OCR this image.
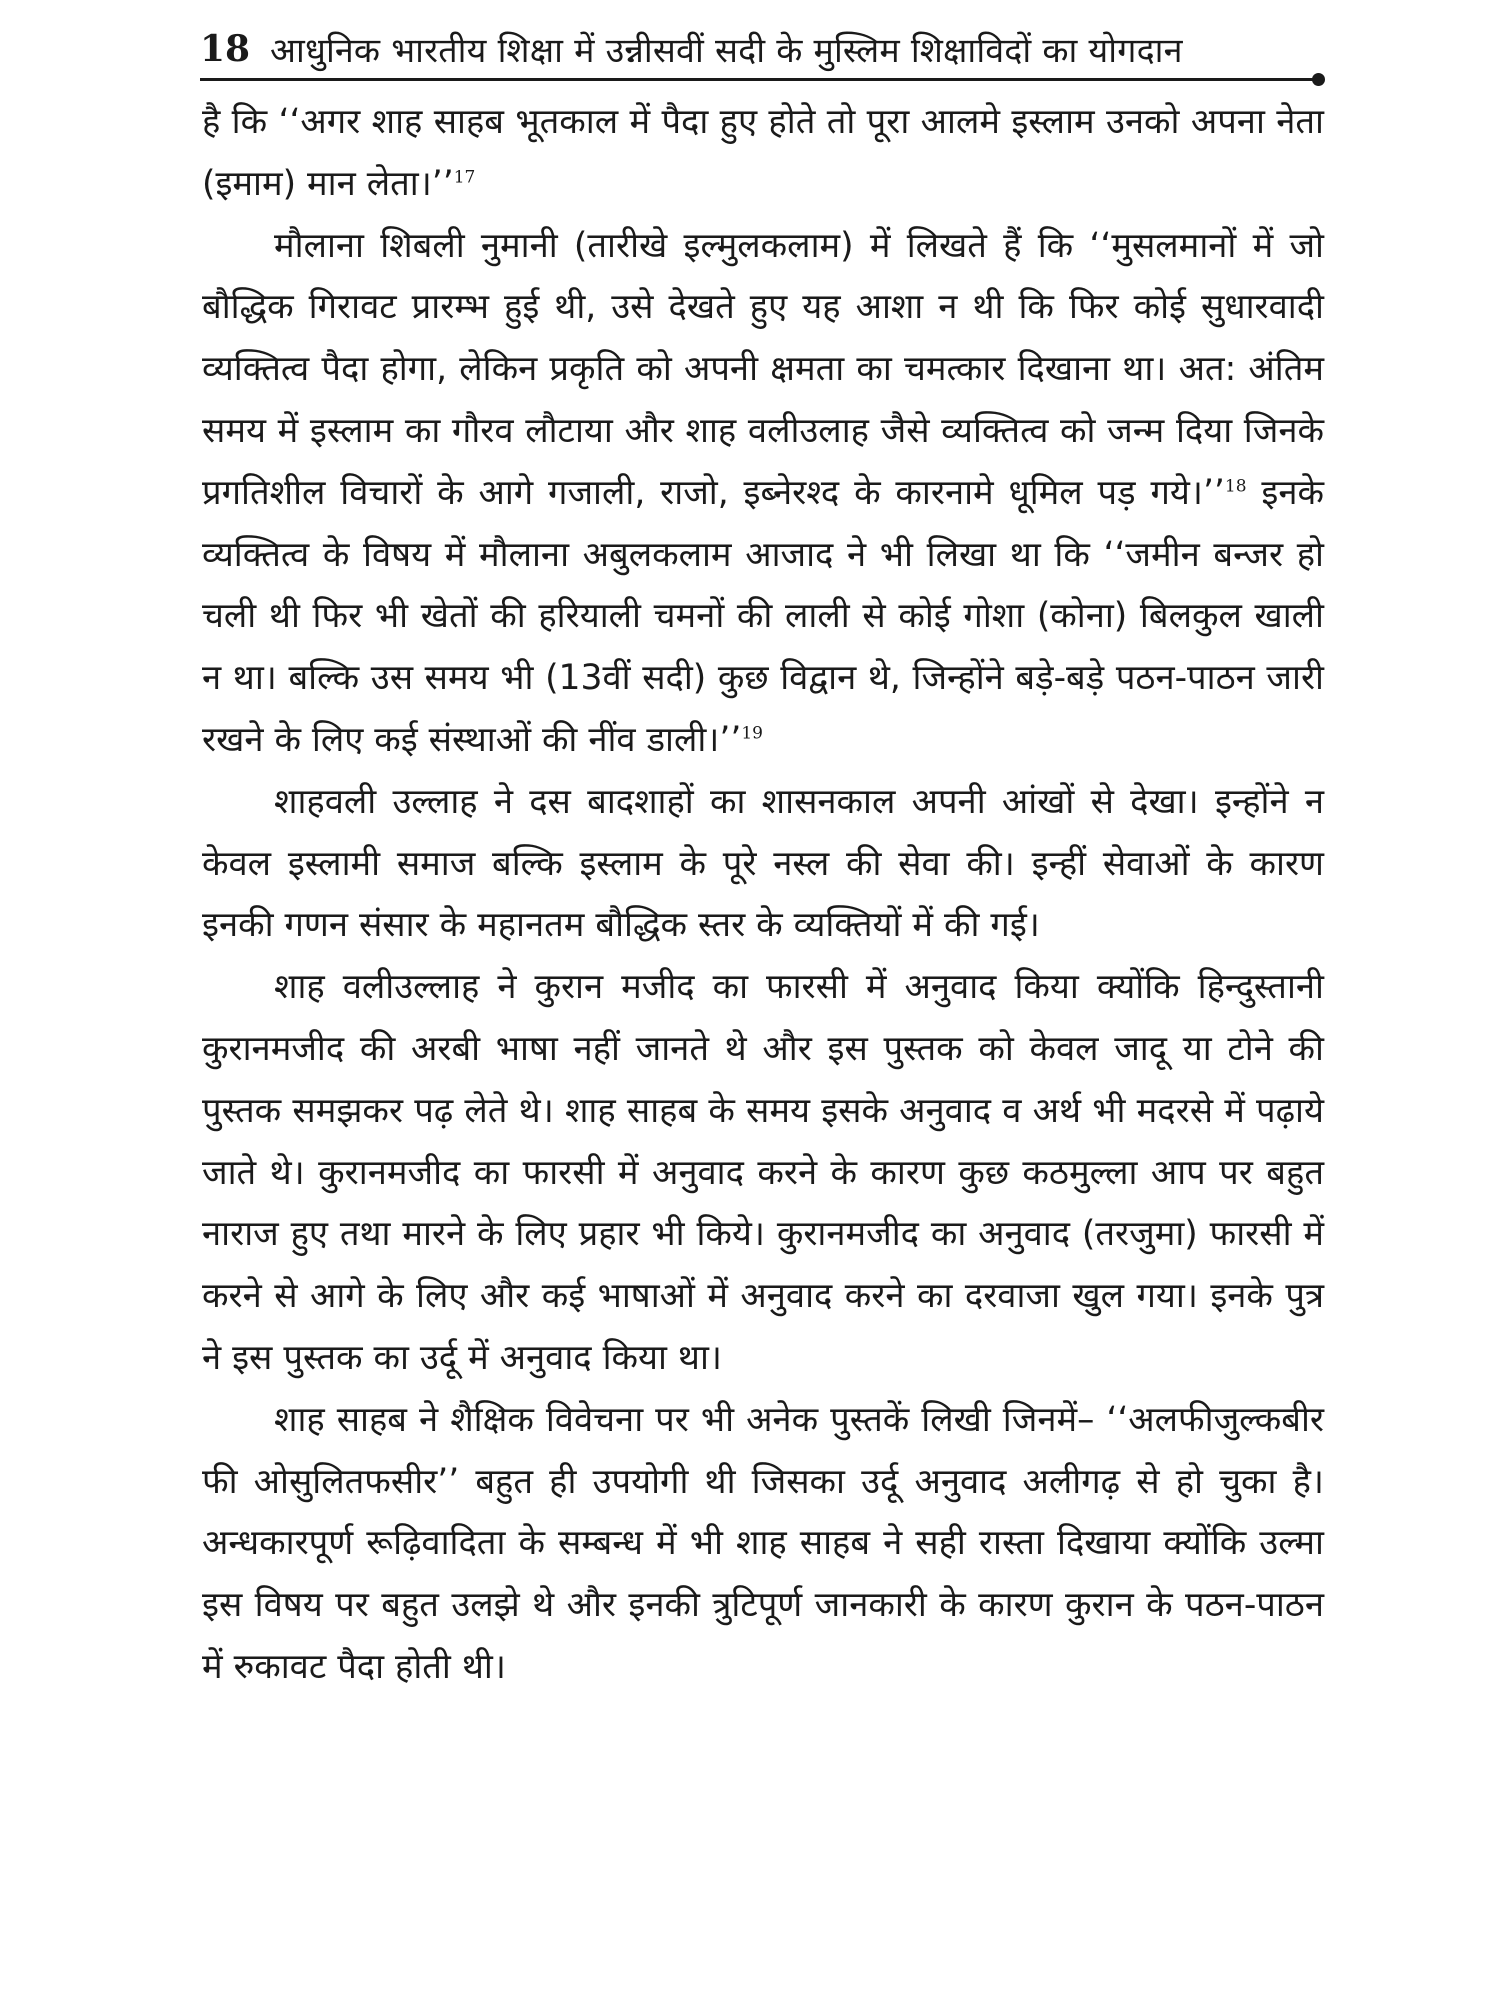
18 आधुनिक भारतीय शिक्षा में उन्नीसवीं सदी के मुस्लिम शिक्षाविदों का योगदान

है कि ‘‘अगर शाह साहब भूतकाल में पैदा हुए होते तो पूरा आलमे इस्लाम उनको अपना नेता (इमाम) मान लेता।’’$^{17}$

मौलाना शिबली नुमानी (तारीखे इल्मुलकलाम) में लिखते हैं कि ‘‘मुसलमानों में जो बौद्धिक गिरावट प्रारम्भ हुई थी, उसे देखते हुए यह आशा न थी कि फिर कोई सुधारवादी व्यक्तित्व पैदा होगा, लेकिन प्रकृति को अपनी क्षमता का चमत्कार दिखाना था। अत: अंतिम समय में इस्लाम का गौरव लौटाया और शाह वलीउलाह जैसे व्यक्तित्व को जन्म दिया जिनके प्रगतिशील विचारों के आगे गजाली, राजो, इब्नेरश्द के कारनामे धूमिल पड़ गये।’’$^{18}$ इनके व्यक्तित्व के विषय में मौलाना अबुलकलाम आजाद ने भी लिखा था कि ‘‘जमीन बन्जर हो चली थी फिर भी खेतों की हरियाली चमनों की लाली से कोई गोशा (कोना) बिलकुल खाली न था। बल्कि उस समय भी (13वीं सदी) कुछ विद्वान थे, जिन्होंने बड़े-बड़े पठन-पाठन जारी रखने के लिए कई संस्थाओं की नींव डाली।’’$^{19}$

शाहवली उल्लाह ने दस बादशाहों का शासनकाल अपनी आंखों से देखा। इन्होंने न केवल इस्लामी समाज बल्कि इस्लाम के पूरे नस्ल की सेवा की। इन्हीं सेवाओं के कारण इनकी गणन संसार के महानतम बौद्धिक स्तर के व्यक्तियों में की गई।

शाह वलीउल्लाह ने कुरान मजीद का फारसी में अनुवाद किया क्योंकि हिन्दुस्तानी कुरानमजीद की अरबी भाषा नहीं जानते थे और इस पुस्तक को केवल जादू या टोने की पुस्तक समझकर पढ़ लेते थे। शाह साहब के समय इसके अनुवाद व अर्थ भी मदरसे में पढ़ाये जाते थे। कुरानमजीद का फारसी में अनुवाद करने के कारण कुछ कठमुल्ला आप पर बहुत नाराज हुए तथा मारने के लिए प्रहार भी किये। कुरानमजीद का अनुवाद (तरजुमा) फारसी में करने से आगे के लिए और कई भाषाओं में अनुवाद करने का दरवाजा खुल गया। इनके पुत्र ने इस पुस्तक का उर्दू में अनुवाद किया था।

शाह साहब ने शैक्षिक विवेचना पर भी अनेक पुस्तकें लिखी जिनमें– ‘‘अलफीजुल्कबीर फी ओसुलितफसीर’’ बहुत ही उपयोगी थी जिसका उर्दू अनुवाद अलीगढ़ से हो चुका है। अन्धकारपूर्ण रूढ़िवादिता के सम्बन्ध में भी शाह साहब ने सही रास्ता दिखाया क्योंकि उल्मा इस विषय पर बहुत उलझे थे और इनकी त्रुटिपूर्ण जानकारी के कारण कुरान के पठन-पाठन में रुकावट पैदा होती थी।
